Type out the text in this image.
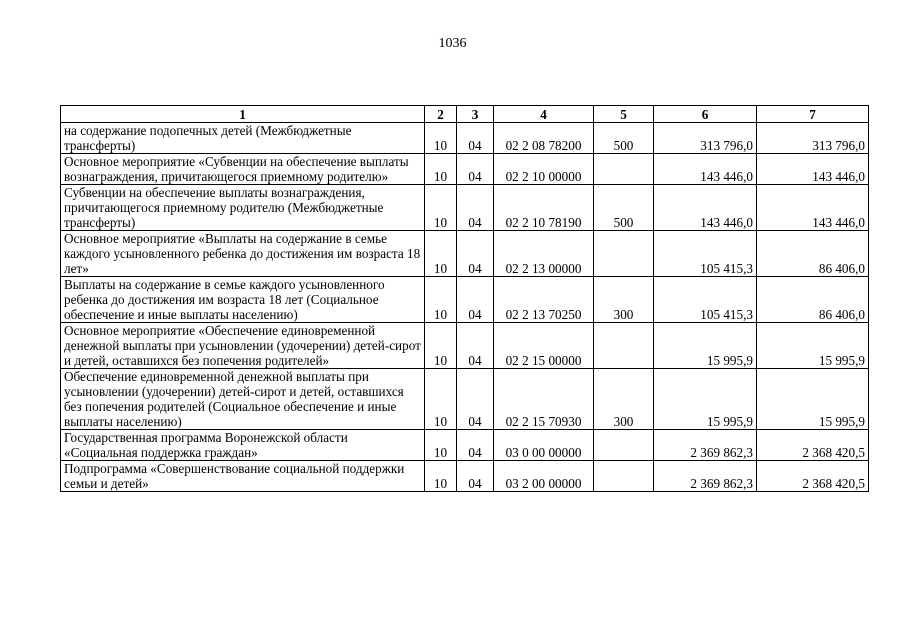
1036
1	2	3	4	5	6	7
на содержание подопечных детей (Межбюджетные трансферты)	10	04	02 2 08 78200	500	313 796,0	313 796,0
Основное мероприятие «Субвенции на обеспечение выплаты вознаграждения, причитающегося приемному родителю»	10	04	02 2 10 00000		143 446,0	143 446,0
Субвенции на обеспечение выплаты вознаграждения, причитающегося приемному родителю (Межбюджетные трансферты)	10	04	02 2 10 78190	500	143 446,0	143 446,0
Основное мероприятие «Выплаты на содержание в семье каждого усыновленного ребенка до достижения им возраста 18 лет»	10	04	02 2 13 00000		105 415,3	86 406,0
Выплаты на содержание в семье каждого усыновленного ребенка до достижения им возраста 18 лет (Социальное обеспечение и иные выплаты населению)	10	04	02 2 13 70250	300	105 415,3	86 406,0
Основное мероприятие «Обеспечение единовременной денежной выплаты при усыновлении (удочерении) детей-сирот и детей, оставшихся без попечения родителей»	10	04	02 2 15 00000		15 995,9	15 995,9
Обеспечение единовременной денежной выплаты при усыновлении (удочерении) детей-сирот и детей, оставшихся без попечения родителей (Социальное обеспечение и иные выплаты населению)	10	04	02 2 15 70930	300	15 995,9	15 995,9
Государственная программа Воронежской области «Социальная поддержка граждан»	10	04	03 0 00 00000		2 369 862,3	2 368 420,5
Подпрограмма «Совершенствование социальной поддержки семьи и детей»	10	04	03 2 00 00000		2 369 862,3	2 368 420,5
